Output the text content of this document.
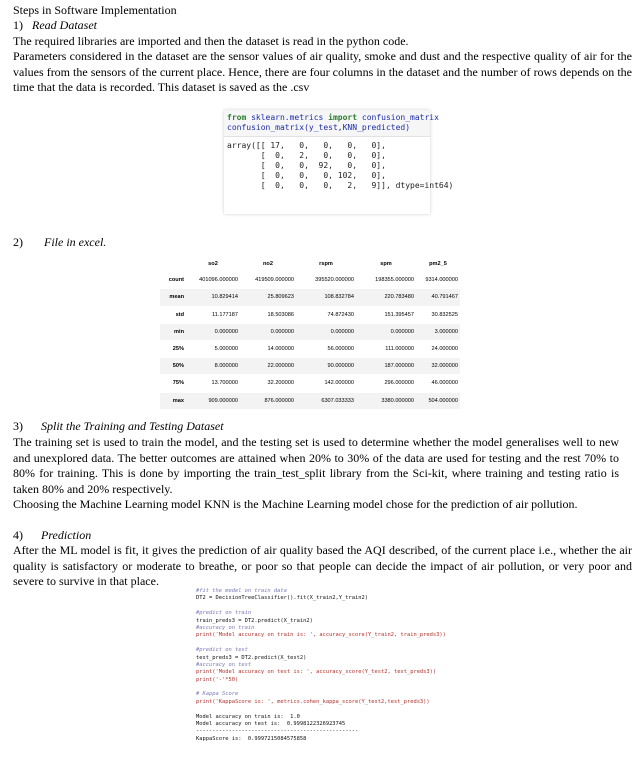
Steps in Software Implementation

1) Read Dataset

The required libraries are imported and then the dataset is read in the python code.

Parameters considered in the dataset are the sensor values of air quality, smoke and dust and the respective quality of air for the values from the sensors of the current place. Hence, there are four columns in the dataset and the number of rows depends on the time that the data is recorded. This dataset is saved as the .csv

from sklearn.metrics import confusion_matrix
confusion_matrix(y_test,KNN_predicted)
array([[ 17,   0,   0,   0,   0],
[  0,   2,   0,   0,   0],
[  0,   0,  92,   0,   0],
[  0,   0,   0, 102,   0],
[  0,   0,   0,   2,   9]], dtype=int64)

2) File in excel.

	so2	no2	rspm	spm	pm2_5
count	401096.000000	419509.000000	395520.000000	198355.000000	9314.000000
mean	10.829414	25.809623	108.832784	220.783480	40.791467
std	11.177187	18.503086	74.872430	151.395457	30.832525
min	0.000000	0.000000	0.000000	0.000000	3.000000
25%	5.000000	14.000000	56.000000	111.000000	24.000000
50%	8.000000	22.000000	90.000000	187.000000	32.000000
75%	13.700000	32.200000	142.000000	296.000000	46.000000
max	909.000000	876.000000	6307.033333	3380.000000	504.000000

3) Split the Training and Testing Dataset

The training set is used to train the model, and the testing set is used to determine whether the model generalises well to new and unexplored data. The better outcomes are attained when 20% to 30% of the data are used for testing and the rest 70% to 80% for training. This is done by importing the train_test_split library from the Sci-kit, where training and testing ratio is taken 80% and 20% respectively.

Choosing the Machine Learning model KNN is the Machine Learning model chose for the prediction of air pollution.

4) Prediction

After the ML model is fit, it gives the prediction of air quality based the AQI described, of the current place i.e., whether the air quality is satisfactory or moderate to breathe, or poor so that people can decide the impact of air pollution, or very poor and severe to survive in that place.

#fit the model on train data
DT2 = DecisionTreeClassifier().fit(X_train2,Y_train2)
#predict on train
train_preds3 = DT2.predict(X_train2)
#accuracy on train
print('Model accuracy on train is: ', accuracy_score(Y_train2, train_preds3))
#predict on test
test_preds3 = DT2.predict(X_test2)
#accuracy on test
print('Model accuracy on test is: ', accuracy_score(Y_test2, test_preds3))
print('-'*50)
# Kappa Score
print('KappaScore is: ', metrics.cohen_kappa_score(Y_test2,test_preds3))
Model accuracy on train is:  1.0
Model accuracy on test is:  0.9998122326923745
--------------------------------------------------
KappaScore is:  0.9997215084575858
